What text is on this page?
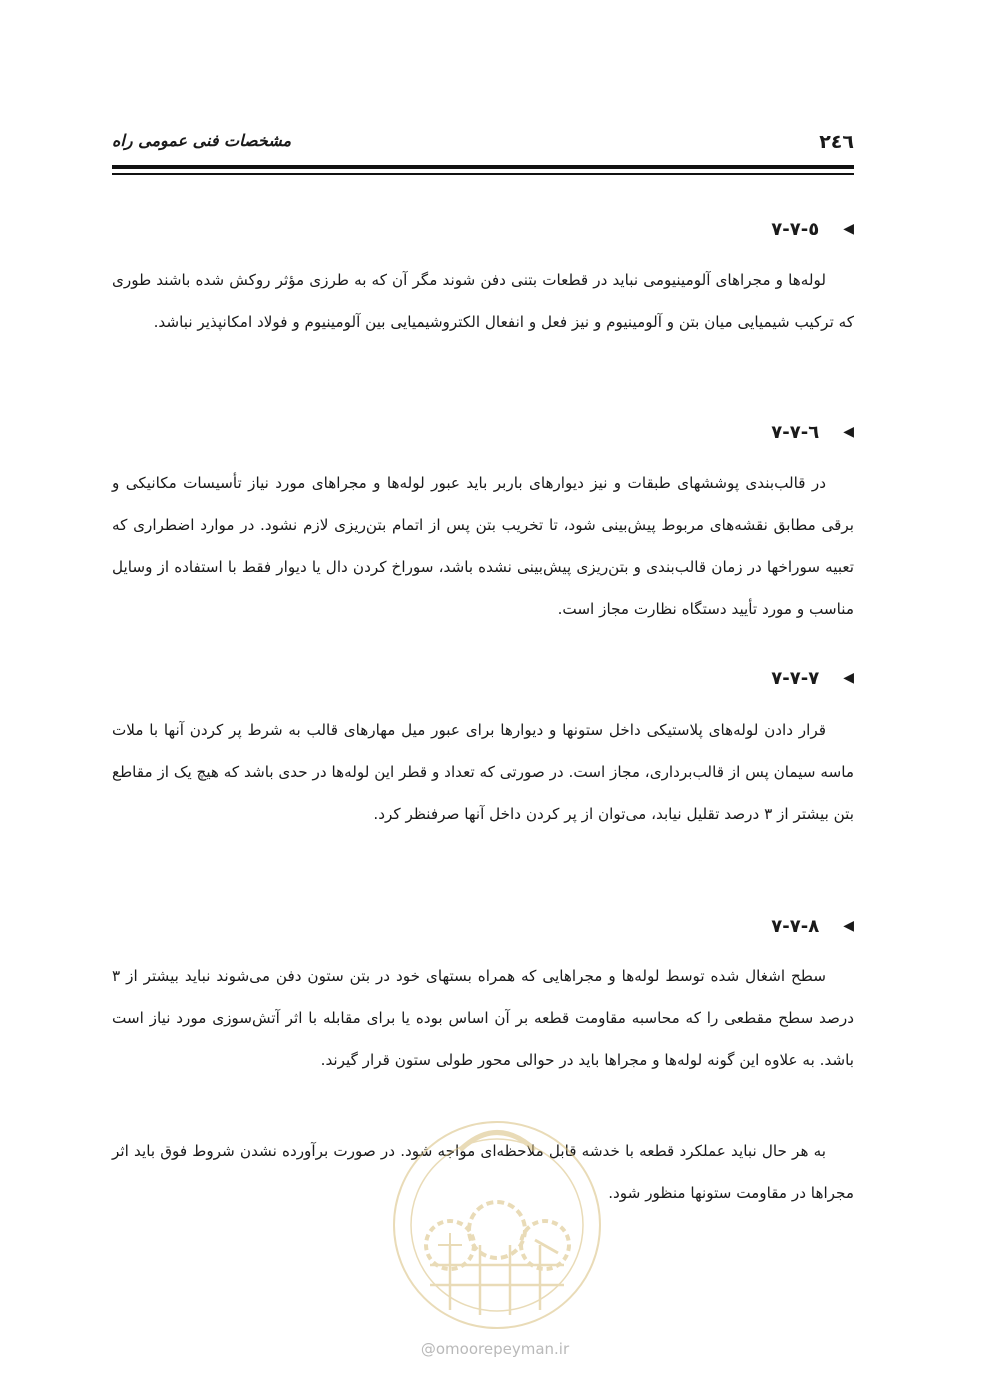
۲٤٦
مشخصات فنی عمومی راه
◀
٥-٧-٧

لوله‌ها و مجراهای آلومینیومی نباید در قطعات بتنی دفن شوند مگر آن که به طرزی مؤثر روکش شده باشند طوری که ترکیب شیمیایی میان بتن و آلومینیوم و نیز فعل و انفعال الکتروشیمیایی بین آلومینیوم و فولاد امکانپذیر نباشد.

◀
٦-٧-٧

در قالب‌بندی پوششهای طبقات و نیز دیوارهای باربر باید عبور لوله‌ها و مجراهای مورد نیاز تأسیسات مکانیکی و برقی مطابق نقشه‌های مربوط پیش‌بینی شود، تا تخریب بتن پس از اتمام بتن‌ریزی لازم نشود. در موارد اضطراری که تعبیه سوراخها در زمان قالب‌بندی و بتن‌ریزی پیش‌بینی نشده باشد، سوراخ کردن دال یا دیوار فقط با استفاده از وسایل مناسب و مورد تأیید دستگاه نظارت مجاز است.

◀
٧-٧-٧

قرار دادن لوله‌های پلاستیکی داخل ستونها و دیوارها برای عبور میل مهارهای قالب به شرط پر کردن آنها با ملات ماسه سیمان پس از قالب‌برداری، مجاز است. در صورتی که تعداد و قطر این لوله‌ها در حدی باشد که هیچ یک از مقاطع بتن بیشتر از ۳ درصد تقلیل نیابد، می‌توان از پر کردن داخل آنها صرفنظر کرد.

◀
٨-٧-٧

سطح اشغال شده توسط لوله‌ها و مجراهایی که همراه بستهای خود در بتن ستون دفن می‌شوند نباید بیشتر از ۳ درصد سطح مقطعی را که محاسبه مقاومت قطعه بر آن اساس بوده یا برای مقابله با اثر آتش‌سوزی مورد نیاز است باشد. به علاوه این گونه لوله‌ها و مجراها باید در حوالی محور طولی ستون قرار گیرند.

به هر حال نباید عملکرد قطعه با خدشه قابل ملاحظه‌ای مواجه شود. در صورت برآورده نشدن شروط فوق باید اثر مجراها در مقاومت ستونها منظور شود.

@omoorepeyman.ir
